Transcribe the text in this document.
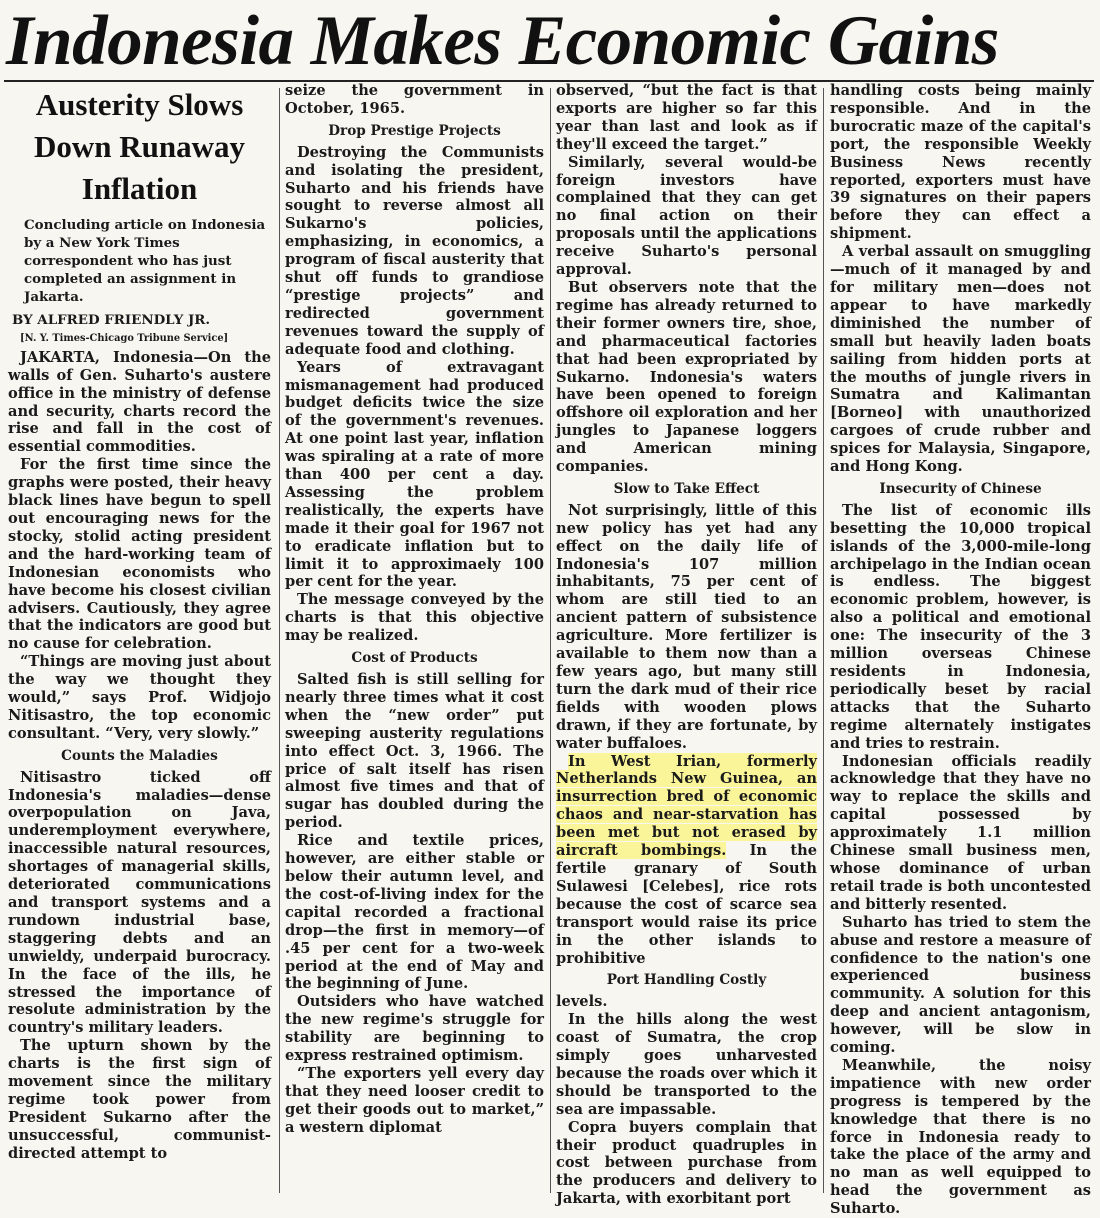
Indonesia Makes Economic Gains
Austerity Slows Down Runaway Inflation
Concluding article on Indonesia by a New York Times correspondent who has just completed an assignment in Jakarta.
BY ALFRED FRIENDLY JR.
[N. Y. Times-Chicago Tribune Service]

JAKARTA, Indonesia—On the walls of Gen. Suharto's austere office in the ministry of defense and security, charts record the rise and fall in the cost of essential commodities.

For the first time since the graphs were posted, their heavy black lines have begun to spell out encouraging news for the stocky, stolid acting president and the hard-working team of Indonesian economists who have become his closest civilian advisers. Cautiously, they agree that the indicators are good but no cause for celebration.

“Things are moving just about the way we thought they would,” says Prof. Widjojo Nitisastro, the top economic consultant. “Very, very slowly.”

Counts the Maladies

Nitisastro ticked off Indonesia's maladies—dense overpopulation on Java, underemployment everywhere, inaccessible natural resources, shortages of managerial skills, deteriorated communications and transport systems and a rundown industrial base, staggering debts and an unwieldy, underpaid burocracy. In the face of the ills, he stressed the importance of resolute administration by the country's military leaders.

The upturn shown by the charts is the first sign of movement since the military regime took power from President Sukarno after the unsuccessful, communist-directed attempt to

seize the government in October, 1965.

Drop Prestige Projects

Destroying the Communists and isolating the president, Suharto and his friends have sought to reverse almost all Sukarno's policies, emphasizing, in economics, a program of fiscal austerity that shut off funds to grandiose “prestige projects” and redirected government revenues toward the supply of adequate food and clothing.

Years of extravagant mismanagement had produced budget deficits twice the size of the government's revenues. At one point last year, inflation was spiraling at a rate of more than 400 per cent a day. Assessing the problem realistically, the experts have made it their goal for 1967 not to eradicate inflation but to limit it to approximaely 100 per cent for the year.

The message conveyed by the charts is that this objective may be realized.

Cost of Products

Salted fish is still selling for nearly three times what it cost when the “new order” put sweeping austerity regulations into effect Oct. 3, 1966. The price of salt itself has risen almost five times and that of sugar has doubled during the period.

Rice and textile prices, however, are either stable or below their autumn level, and the cost-of-living index for the capital recorded a fractional drop—the first in memory—of .45 per cent for a two-week period at the end of May and the beginning of June.

Outsiders who have watched the new regime's struggle for stability are beginning to express restrained optimism.

“The exporters yell every day that they need looser credit to get their goods out to market,” a western diplomat

observed, “but the fact is that exports are higher so far this year than last and look as if they'll exceed the target.”

Similarly, several would-be foreign investors have complained that they can get no final action on their proposals until the applications receive Suharto's personal approval.

But observers note that the regime has already returned to their former owners tire, shoe, and pharmaceutical factories that had been expropriated by Sukarno. Indonesia's waters have been opened to foreign offshore oil exploration and her jungles to Japanese loggers and American mining companies.

Slow to Take Effect

Not surprisingly, little of this new policy has yet had any effect on the daily life of Indonesia's 107 million inhabitants, 75 per cent of whom are still tied to an ancient pattern of subsistence agriculture. More fertilizer is available to them now than a few years ago, but many still turn the dark mud of their rice fields with wooden plows drawn, if they are fortunate, by water buffaloes.

In West Irian, formerly Netherlands New Guinea, an insurrection bred of economic chaos and near-starvation has been met but not erased by aircraft bombings. In the fertile granary of South Sulawesi [Celebes], rice rots because the cost of scarce sea transport would raise its price in the other islands to prohibitive

Port Handling Costly

levels.

In the hills along the west coast of Sumatra, the crop simply goes unharvested because the roads over which it should be transported to the sea are impassable.

Copra buyers complain that their product quadruples in cost between purchase from the producers and delivery to Jakarta, with exorbitant port

handling costs being mainly responsible. And in the burocratic maze of the capital's port, the responsible Weekly Business News recently reported, exporters must have 39 signatures on their papers before they can effect a shipment.

A verbal assault on smuggling—much of it managed by and for military men—does not appear to have markedly diminished the number of small but heavily laden boats sailing from hidden ports at the mouths of jungle rivers in Sumatra and Kalimantan [Borneo] with unauthorized cargoes of crude rubber and spices for Malaysia, Singapore, and Hong Kong.

Insecurity of Chinese

The list of economic ills besetting the 10,000 tropical islands of the 3,000-mile-long archipelago in the Indian ocean is endless. The biggest economic problem, however, is also a political and emotional one: The insecurity of the 3 million overseas Chinese residents in Indonesia, periodically beset by racial attacks that the Suharto regime alternately instigates and tries to restrain.

Indonesian officials readily acknowledge that they have no way to replace the skills and capital possessed by approximately 1.1 million Chinese small business men, whose dominance of urban retail trade is both uncontested and bitterly resented.

Suharto has tried to stem the abuse and restore a measure of confidence to the nation's one experienced business community. A solution for this deep and ancient antagonism, however, will be slow in coming.

Meanwhile, the noisy impatience with new order progress is tempered by the knowledge that there is no force in Indonesia ready to take the place of the army and no man as well equipped to head the government as Suharto.
